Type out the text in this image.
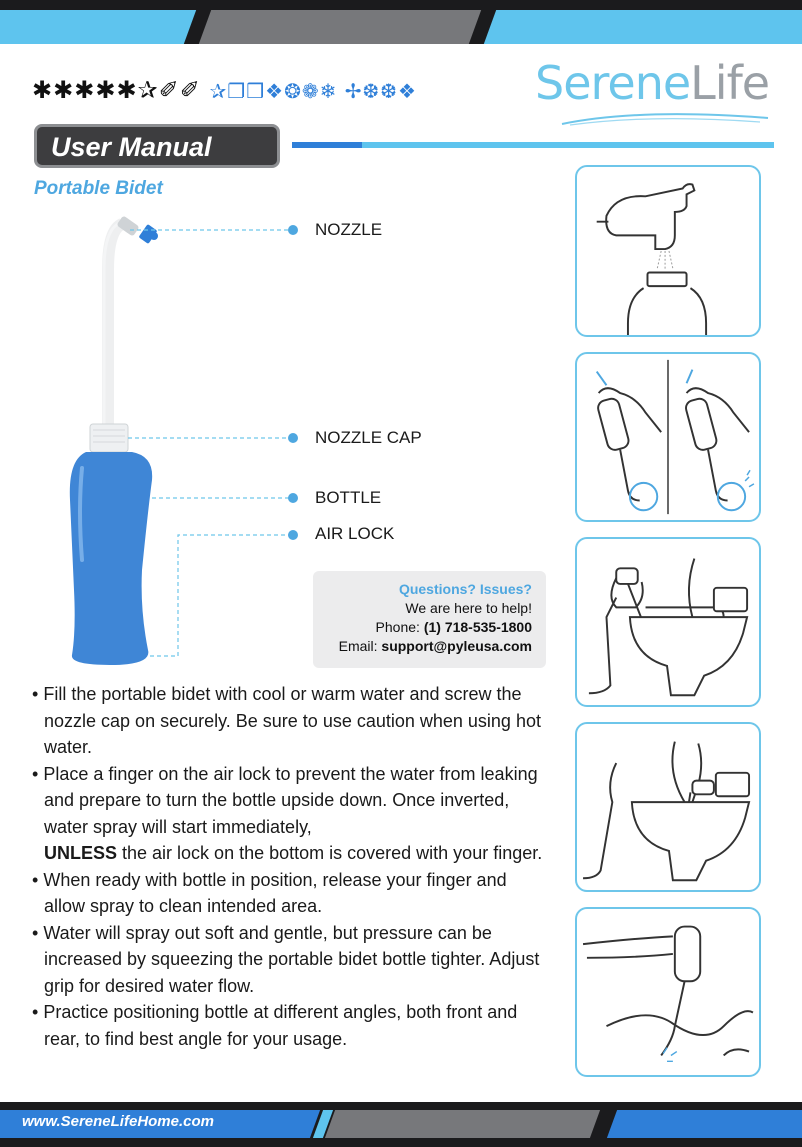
✱✱✱✱✱✰✐✐ ✰❐❒❖❂❁❄ ✢❆❆❖	SereneLife
User Manual
Portable Bidet
NOZZLE
NOZZLE CAP
BOTTLE
AIR LOCK
Questions? Issues?
We are here to help!
Phone: (1) 718-535-1800
Email: support@pyleusa.com
• Fill the portable bidet with cool or warm water and screw the nozzle cap on securely. Be sure to use caution when using hot water.
• Place a finger on the air lock to prevent the water from leaking and prepare to turn the bottle upside down. Once inverted, water spray will start immediately,
UNLESS the air lock on the bottom is covered with your finger.
• When ready with bottle in position, release your finger and allow spray to clean intended area.
• Water will spray out soft and gentle, but pressure can be increased by squeezing the portable bidet bottle tighter. Adjust grip for desired water flow.
• Practice positioning bottle at different angles, both front and rear, to find best angle for your usage.
www.SereneLifeHome.com
